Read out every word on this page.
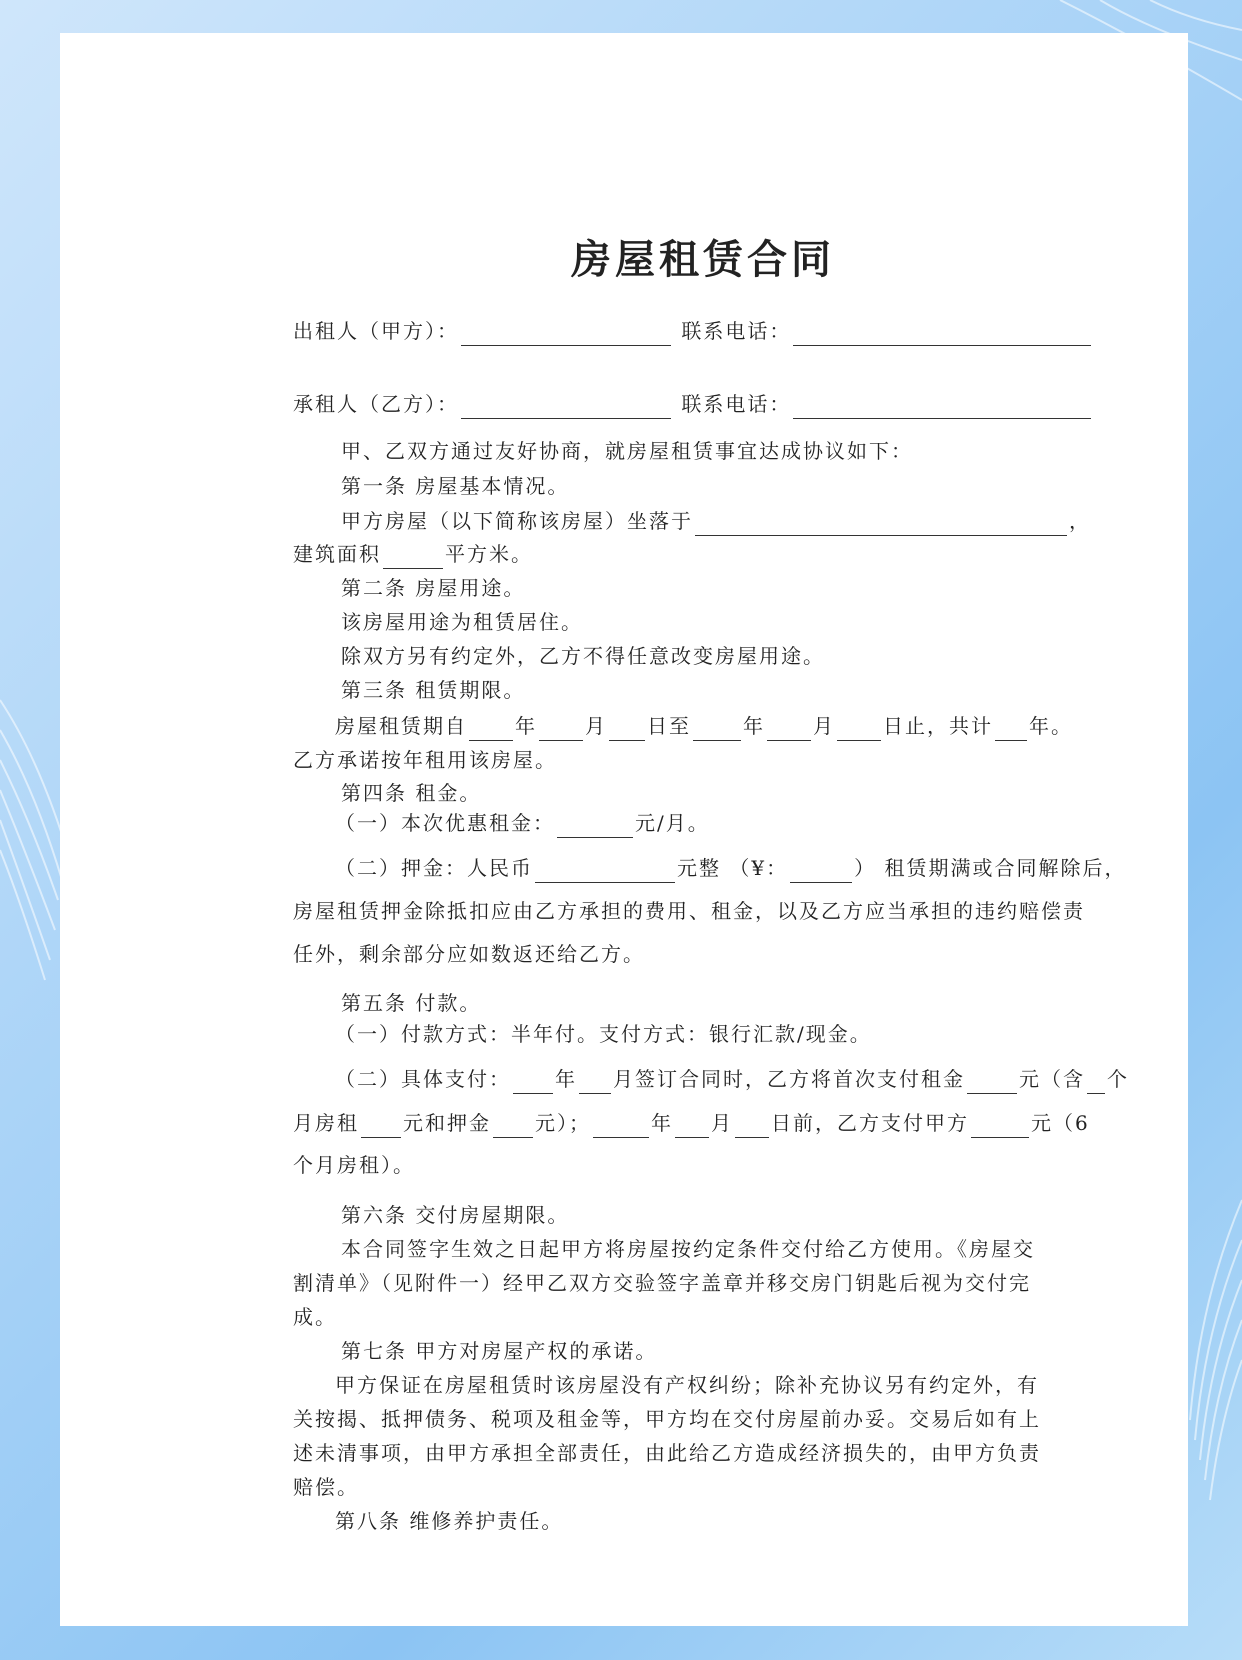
房屋租赁合同
出租人（甲方）：	联系电话：
承租人（乙方）：	联系电话：
甲、乙双方通过友好协商，就房屋租赁事宜达成协议如下：
第一条 房屋基本情况。
甲方房屋（以下简称该房屋）坐落于	，
建筑面积	平方米。
第二条 房屋用途。
该房屋用途为租赁居住。
除双方另有约定外，乙方不得任意改变房屋用途。
第三条 租赁期限。
房屋租赁期自 年 月 日至	年 月 日止，共计 年。
乙方承诺按年租用该房屋。
第四条 租金。
（一）本次优惠租金：	元/月。
（二）押金：人民币	元整 （¥：	） 租赁期满或合同解除后，
房屋租赁押金除抵扣应由乙方承担的费用、租金，以及乙方应当承担的违约赔偿责
任外，剩余部分应如数返还给乙方。
第五条 付款。
（一）付款方式：半年付。支付方式：银行汇款/现金。
（二）具体支付： 年 月签订合同时，乙方将首次支付租金	元（含 个
月房租 元和押金 元）；	年 月 日前，乙方支付甲方	元（6
个月房租）。
第六条 交付房屋期限。
本合同签字生效之日起甲方将房屋按约定条件交付给乙方使用。《房屋交
割清单》（见附件一）经甲乙双方交验签字盖章并移交房门钥匙后视为交付完
成。
第七条 甲方对房屋产权的承诺。
甲方保证在房屋租赁时该房屋没有产权纠纷；除补充协议另有约定外，有
关按揭、抵押债务、税项及租金等，甲方均在交付房屋前办妥。交易后如有上
述未清事项，由甲方承担全部责任，由此给乙方造成经济损失的，由甲方负责
赔偿。
第八条 维修养护责任。
